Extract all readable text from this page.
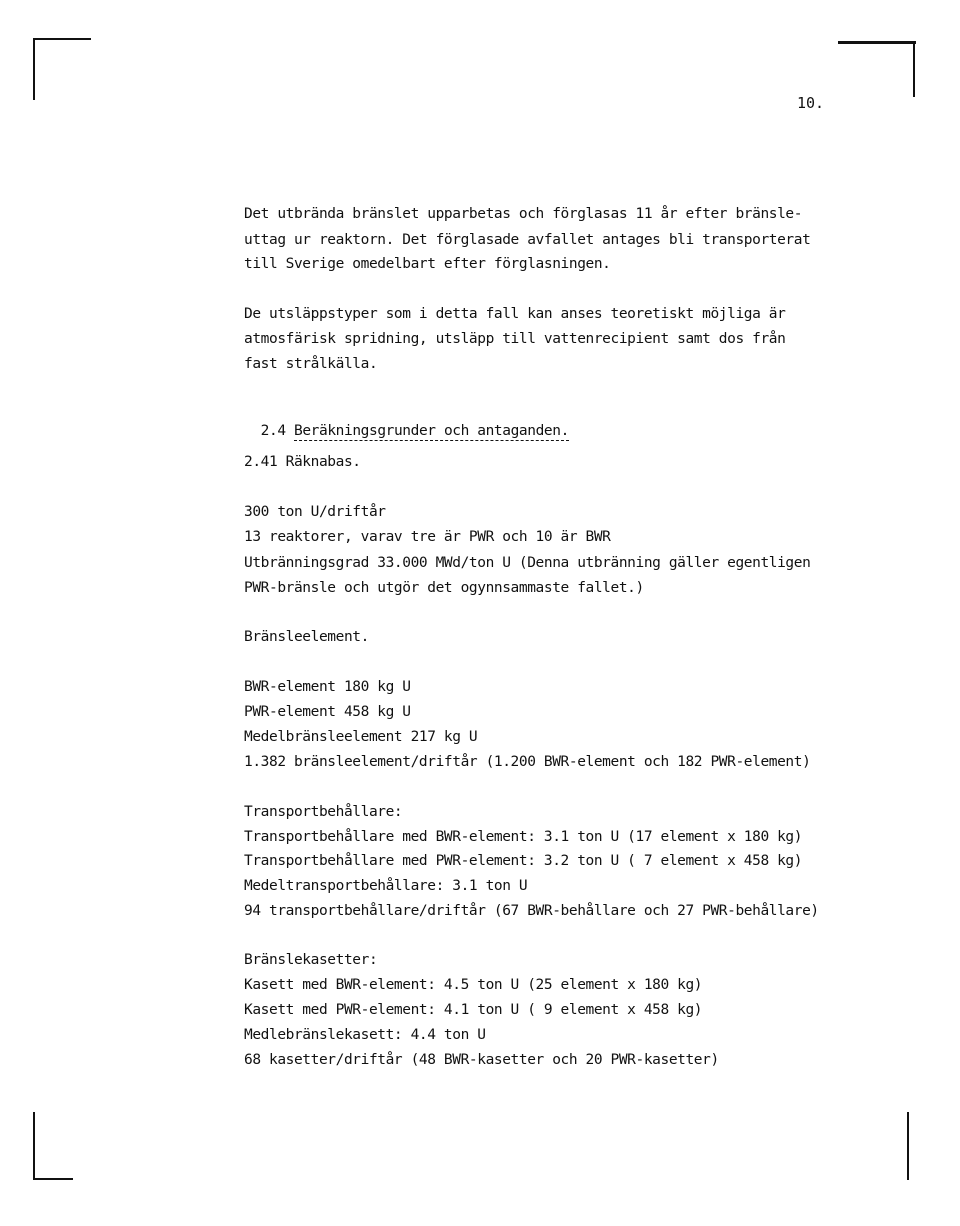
10.
Det utbrända bränslet upparbetas och förglasas 11 år efter bränsle-
uttag ur reaktorn. Det förglasade avfallet antages bli transporterat
till Sverige omedelbart efter förglasningen.
De utsläppstyper som i detta fall kan anses teoretiskt möjliga är
atmosfärisk spridning, utsläpp till vattenrecipient samt dos från
fast strålkälla.

2.4 Beräkningsgrunder och antaganden.

2.41 Räknabas.
300 ton U/driftår
13 reaktorer, varav tre är PWR och 10 är BWR
Utbränningsgrad 33.000 MWd/ton U (Denna utbränning gäller egentligen
PWR-bränsle och utgör det ogynnsammaste fallet.)
Bränsleelement.
BWR-element 180 kg U
PWR-element 458 kg U
Medelbränsleelement 217 kg U
1.382 bränsleelement/driftår (1.200 BWR-element och 182 PWR-element)
Transportbehållare:
Transportbehållare med BWR-element: 3.1 ton U (17 element x 180 kg)
Transportbehållare med PWR-element: 3.2 ton U ( 7 element x 458 kg)
Medeltransportbehållare: 3.1 ton U
94 transportbehållare/driftår (67 BWR-behållare och 27 PWR-behållare)
Bränslekasetter:
Kasett med BWR-element: 4.5 ton U (25 element x 180 kg)
Kasett med PWR-element: 4.1 ton U ( 9 element x 458 kg)
Medlebränslekasett: 4.4 ton U
68 kasetter/driftår (48 BWR-kasetter och 20 PWR-kasetter)
